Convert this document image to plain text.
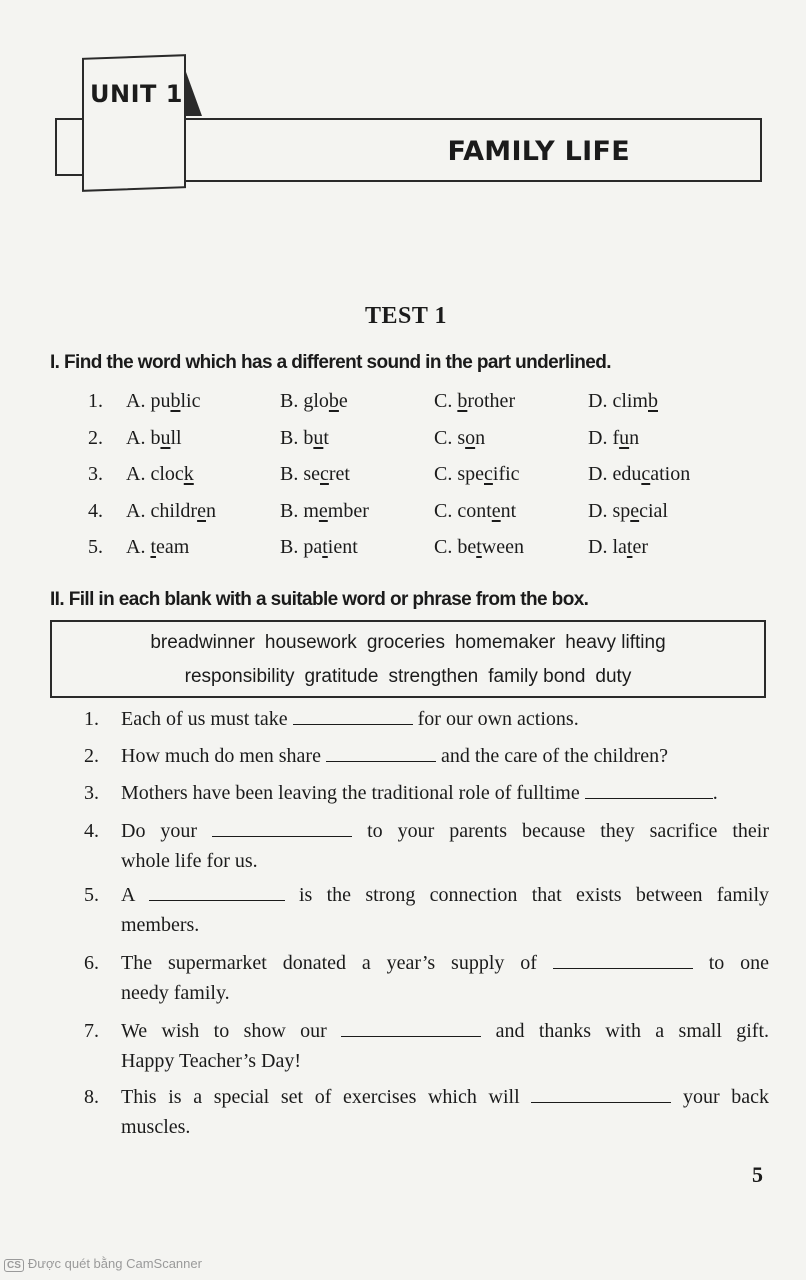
UNIT 1
FAMILY LIFE
TEST 1
I. Find the word which has a different sound in the part underlined.
1. A. public	B. globe	C. brother	D. climb
2. A. bull	B. but	C. son	D. fun
3. A. clock	B. secret	C. specific	D. education
4. A. children	B. member	C. content	D. special
5. A. team	B. patient	C. between	D. later
II. Fill in each blank with a suitable word or phrase from the box.
breadwinner housework groceries homemaker heavy lifting
responsibility gratitude strengthen family bond duty
1. Each of us must take	for our own actions.
2. How much do men share	and the care of the children?
3. Mothers have been leaving the traditional role of fulltime	.
4. Do your	to your parents because they sacrifice their
whole life for us.
5. A	is the strong connection that exists between family
members.
6. The supermarket donated a year’s supply of	to one
needy family.
7. We wish to show our	and thanks with a small gift.
Happy Teacher’s Day!
8. This is a special set of exercises which will	your back
muscles.
5
CS Được quét bằng CamScanner
